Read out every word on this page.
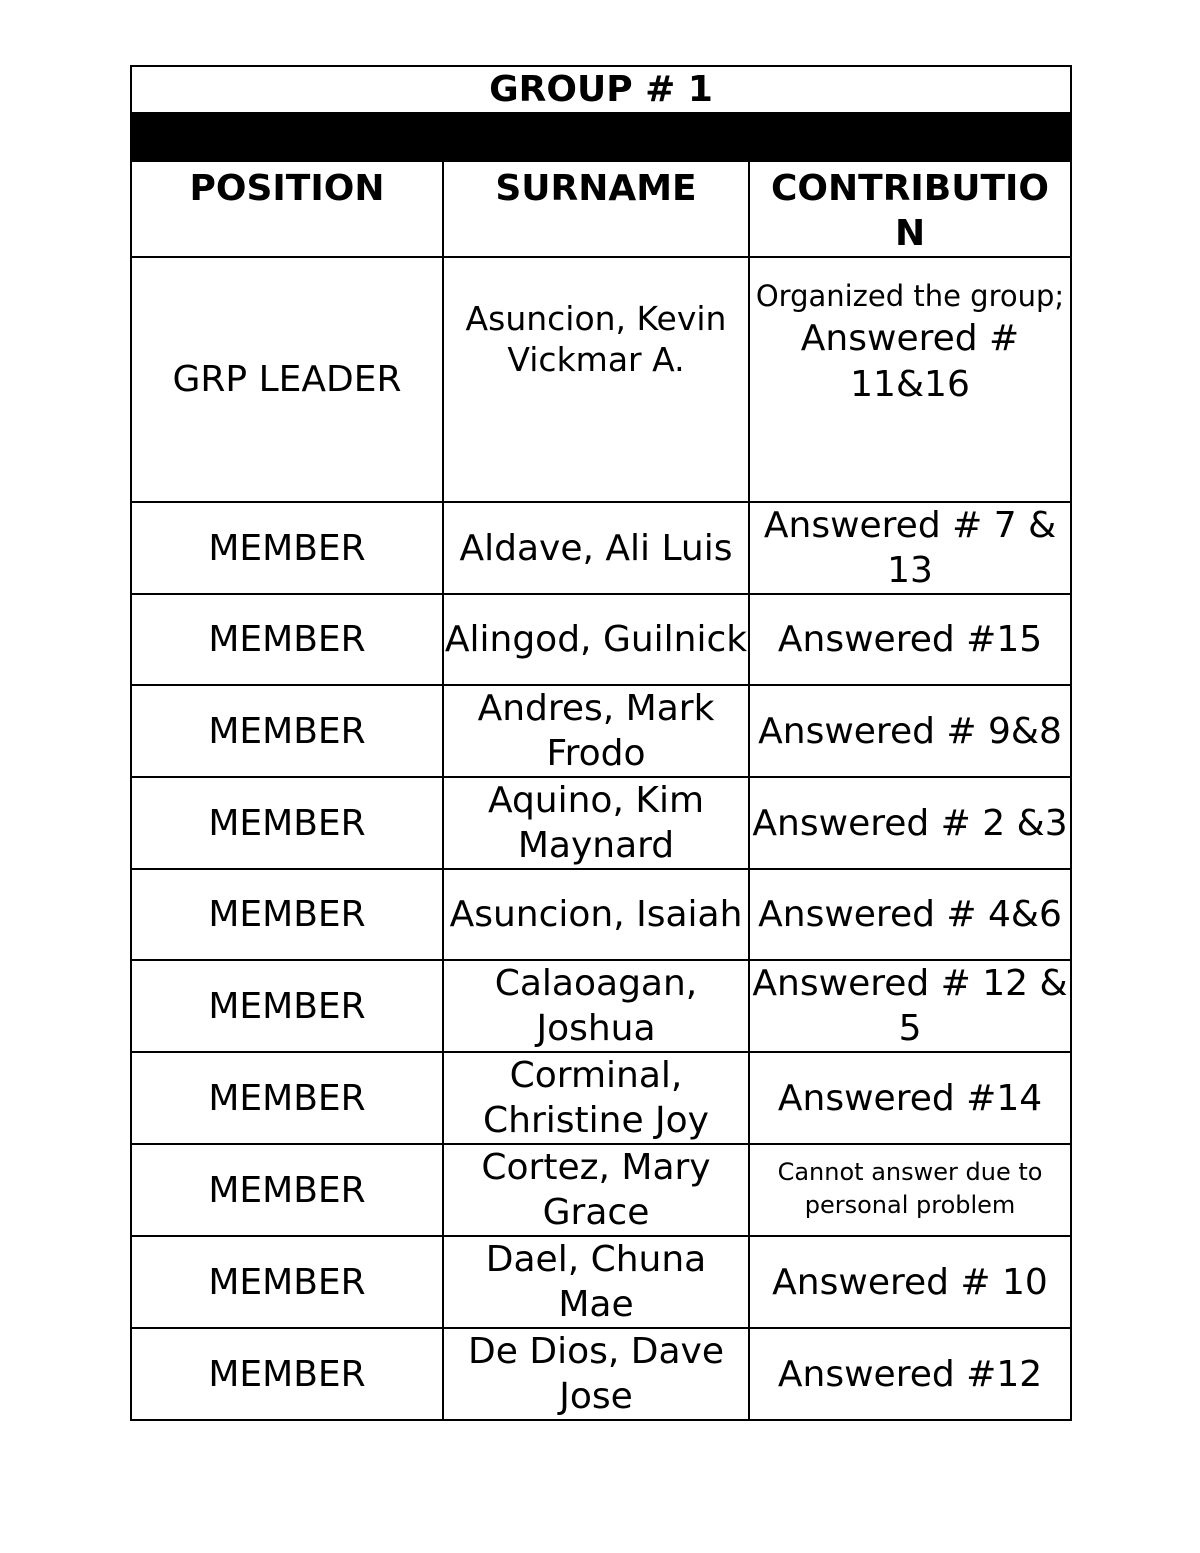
GROUP # 1		

POSITION	SURNAME	CONTRIBUTION
GRP LEADER	Asuncion, Kevin Vickmar A.	Organized the group;
Answered # 11&16

MEMBER	Aldave, Ali Luis	Answered # 7 & 13
MEMBER	Alingod, Guilnick	Answered #15
MEMBER	Andres, Mark Frodo	Answered # 9&8
MEMBER	Aquino, Kim Maynard	Answered # 2 &3
MEMBER	Asuncion, Isaiah	Answered # 4&6
MEMBER	Calaoagan, Joshua	Answered # 12 & 5
MEMBER	Corminal, Christine Joy	Answered #14
MEMBER	Cortez, Mary Grace	Cannot answer due to personal problem
MEMBER	Dael, Chuna Mae	Answered # 10
MEMBER	De Dios, Dave Jose	Answered #12
